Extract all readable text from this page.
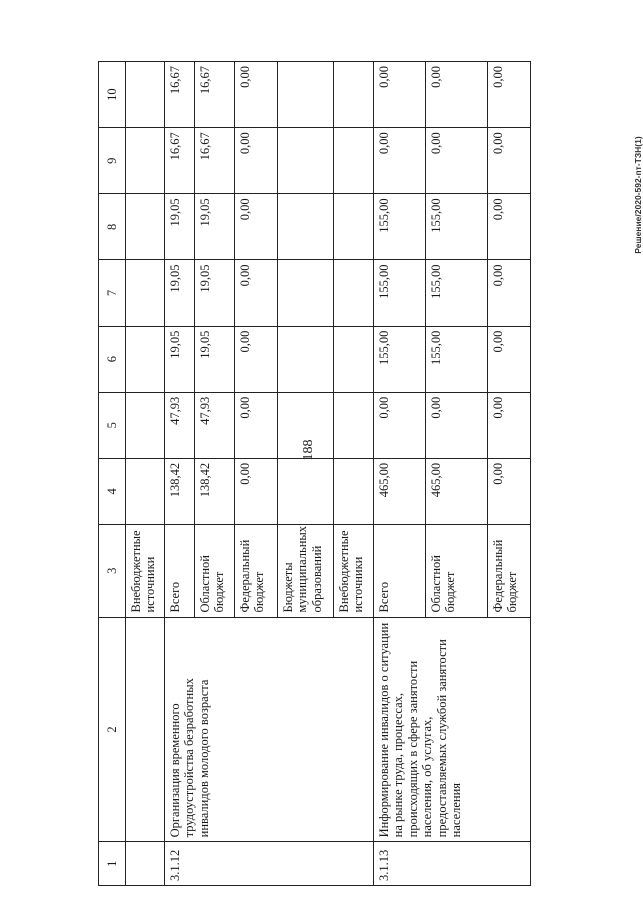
188
Решение/2020-592-пт-ТЗН(1)
1	2	3	4	5	6	7	8	9	10
		Внебюджетные источники							
3.1.12	Организация временного трудоустройства безработных инвалидов молодого возраста	Всего	138,42	47,93	19,05	19,05	19,05	16,67	16,67
		Областной бюджет	138,42	47,93	19,05	19,05	19,05	16,67	16,67
		Федеральный бюджет	0,00	0,00	0,00	0,00	0,00	0,00	0,00
		Бюджеты муниципальных образований							
		Внебюджетные источники							
3.1.13	Информирование инвалидов о ситуации на рынке труда, процессах, происходящих в сфере занятости населения, об услугах, предоставляемых службой занятости населения	Всего	465,00	0,00	155,00	155,00	155,00	0,00	0,00
		Областной бюджет	465,00	0,00	155,00	155,00	155,00	0,00	0,00
		Федеральный бюджет	0,00	0,00	0,00	0,00	0,00	0,00	0,00
